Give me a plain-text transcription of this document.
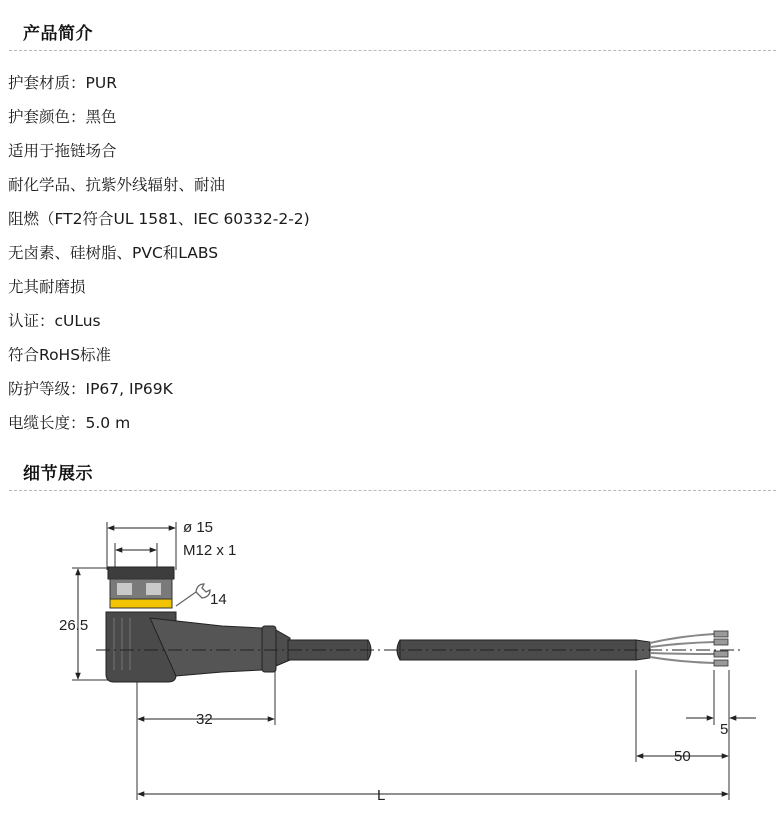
产品简介
护套材质：PUR
护套颜色：黑色
适用于拖链场合
耐化学品、抗紫外线辐射、耐油
阻燃（FT2符合UL 1581、IEC 60332-2-2)
无卤素、硅树脂、PVC和LABS
尤其耐磨损
认证：cULus
符合RoHS标准
防护等级：IP67, IP69K
电缆长度：5.0 m
细节展示
ø 15
M12 x 1
14
26.5
32
50
5
L
